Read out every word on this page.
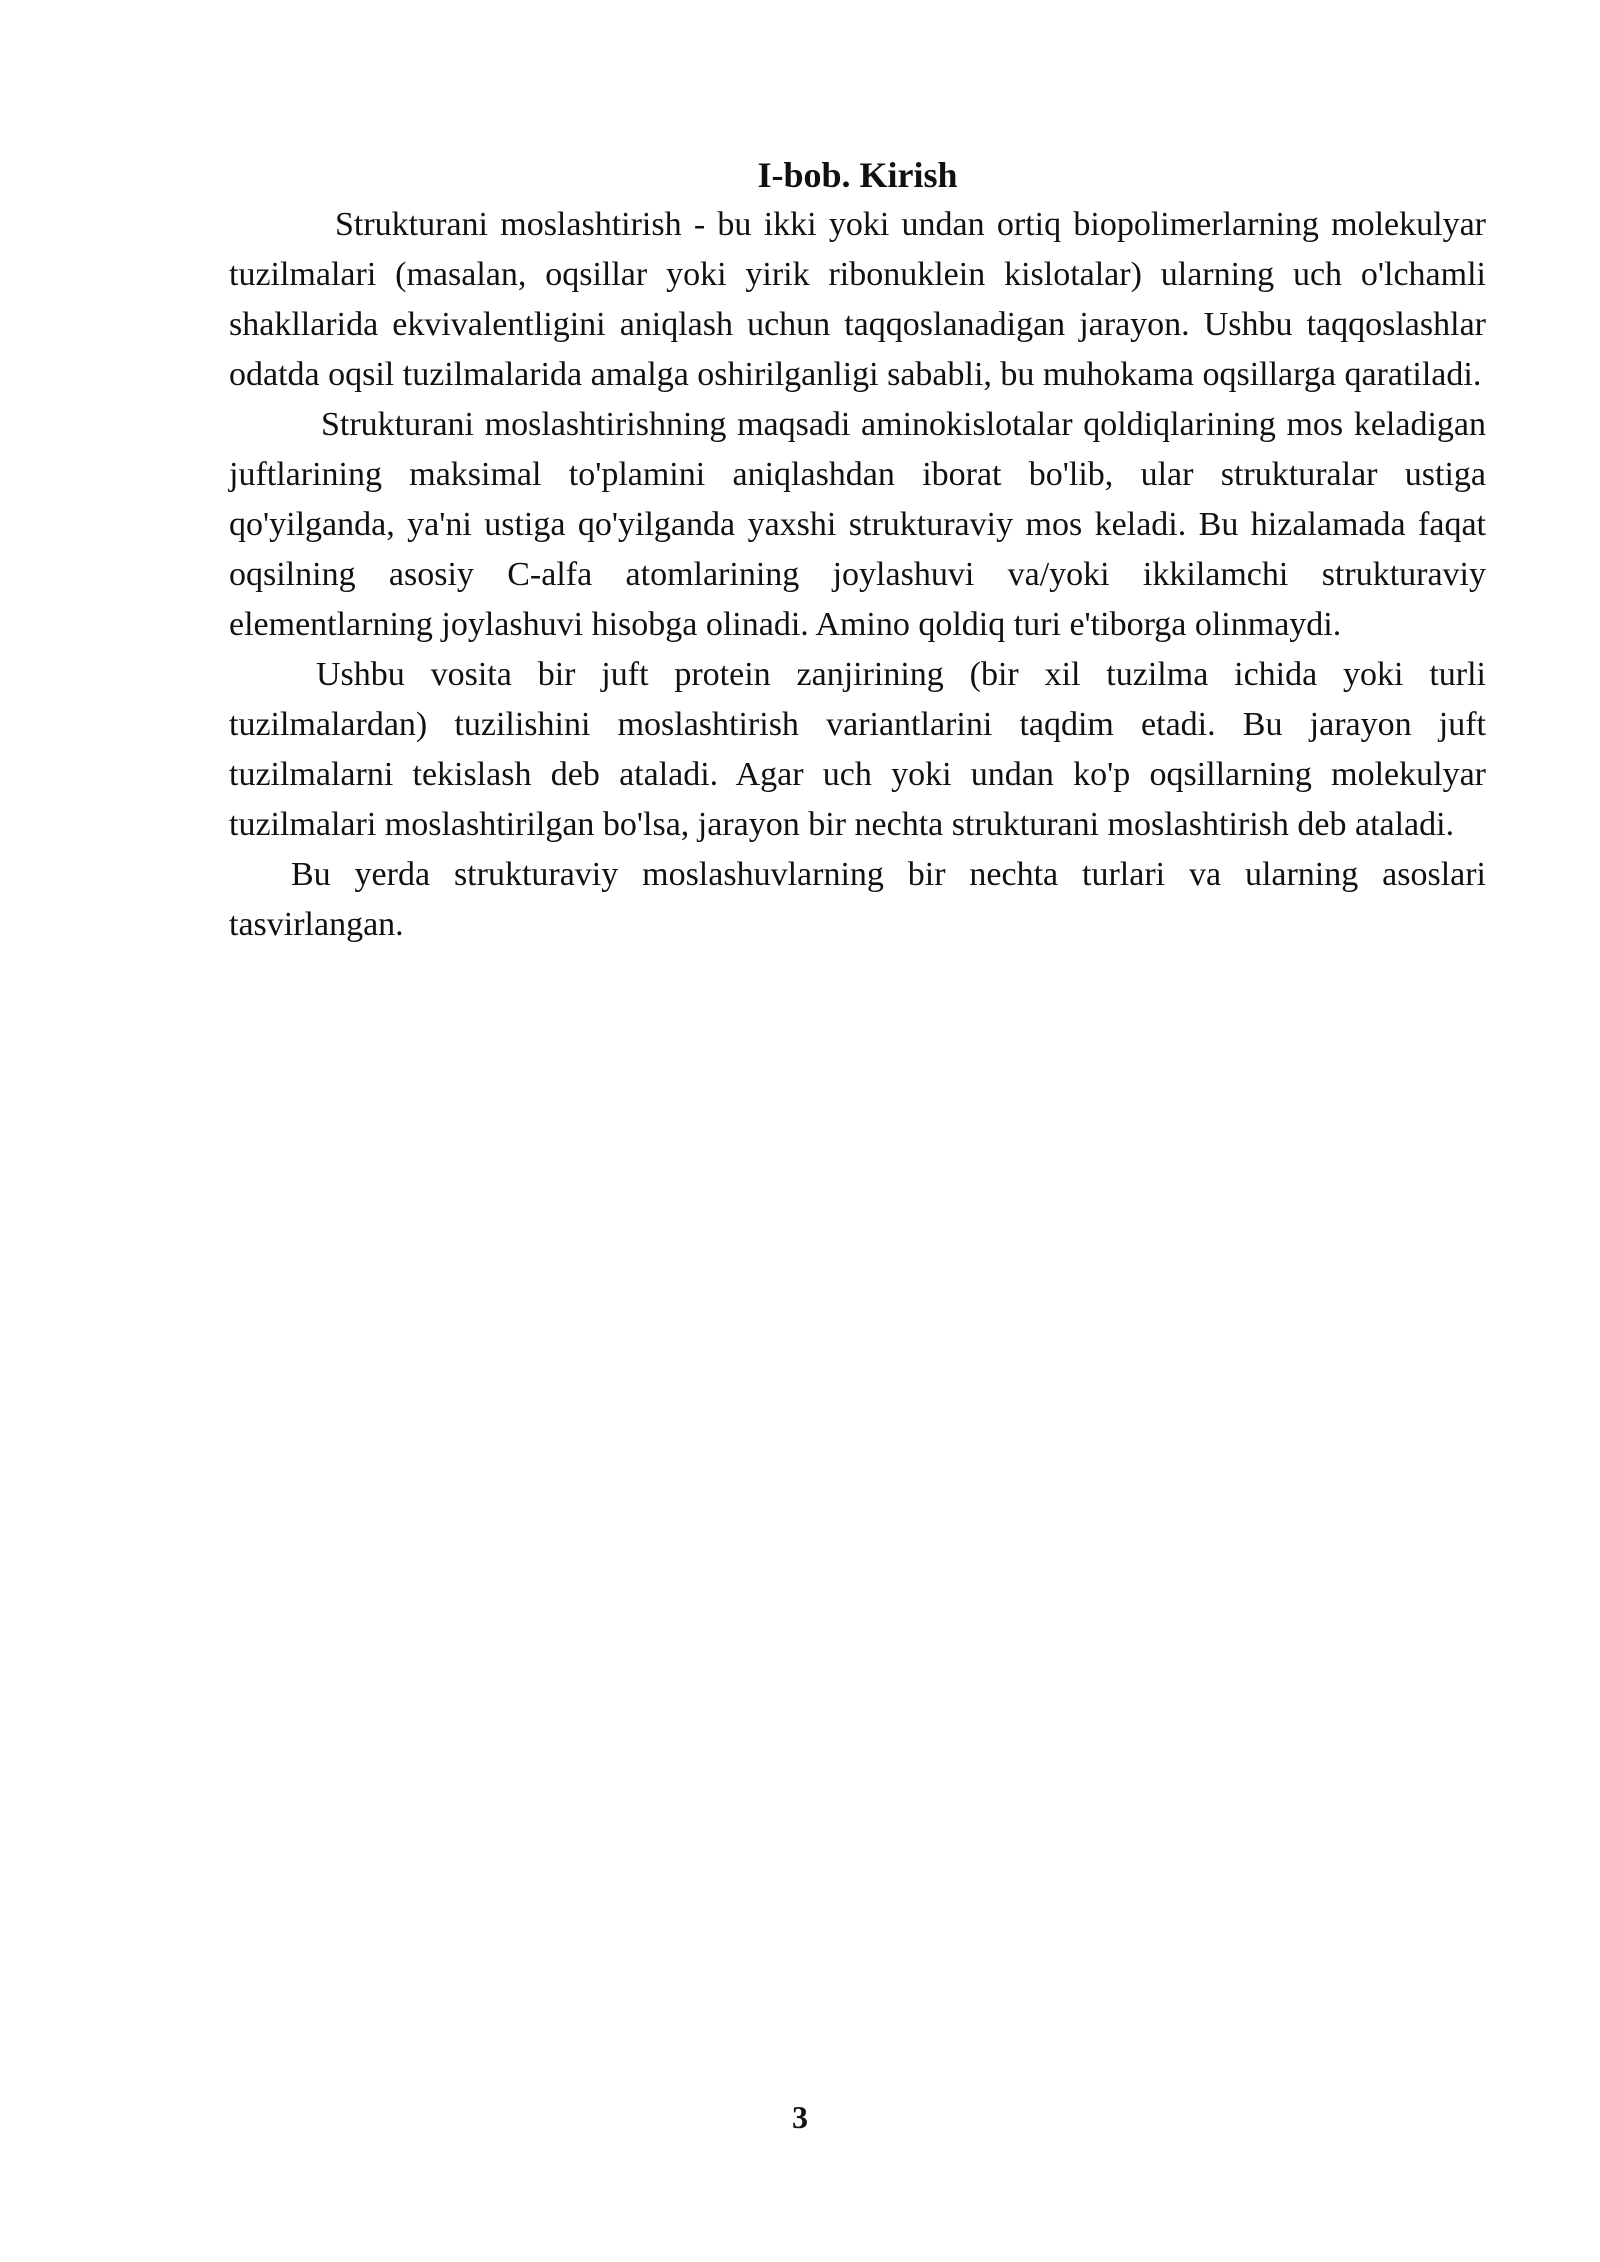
I-bob. Kirish

Strukturani moslashtirish - bu ikki yoki undan ortiq biopolimerlarning molekulyar tuzilmalari (masalan, oqsillar yoki yirik ribonuklein kislotalar) ularning uch o'lchamli shakllarida ekvivalentligini aniqlash uchun taqqoslanadigan jarayon. Ushbu taqqoslashlar odatda oqsil tuzilmalarida amalga oshirilganligi sababli, bu muhokama oqsillarga qaratiladi.

Strukturani moslashtirishning maqsadi aminokislotalar qoldiqlarining mos keladigan juftlarining maksimal to'plamini aniqlashdan iborat bo'lib, ular strukturalar ustiga qo'yilganda, ya'ni ustiga qo'yilganda yaxshi strukturaviy mos keladi. Bu hizalamada faqat oqsilning asosiy C-alfa atomlarining joylashuvi va/yoki ikkilamchi strukturaviy elementlarning joylashuvi hisobga olinadi. Amino qoldiq turi e'tiborga olinmaydi.

Ushbu vosita bir juft protein zanjirining (bir xil tuzilma ichida yoki turli tuzilmalardan) tuzilishini moslashtirish variantlarini taqdim etadi. Bu jarayon juft tuzilmalarni tekislash deb ataladi. Agar uch yoki undan ko'p oqsillarning molekulyar tuzilmalari moslashtirilgan bo'lsa, jarayon bir nechta strukturani moslashtirish deb ataladi.

Bu yerda strukturaviy moslashuvlarning bir nechta turlari va ularning asoslari tasvirlangan.

3
